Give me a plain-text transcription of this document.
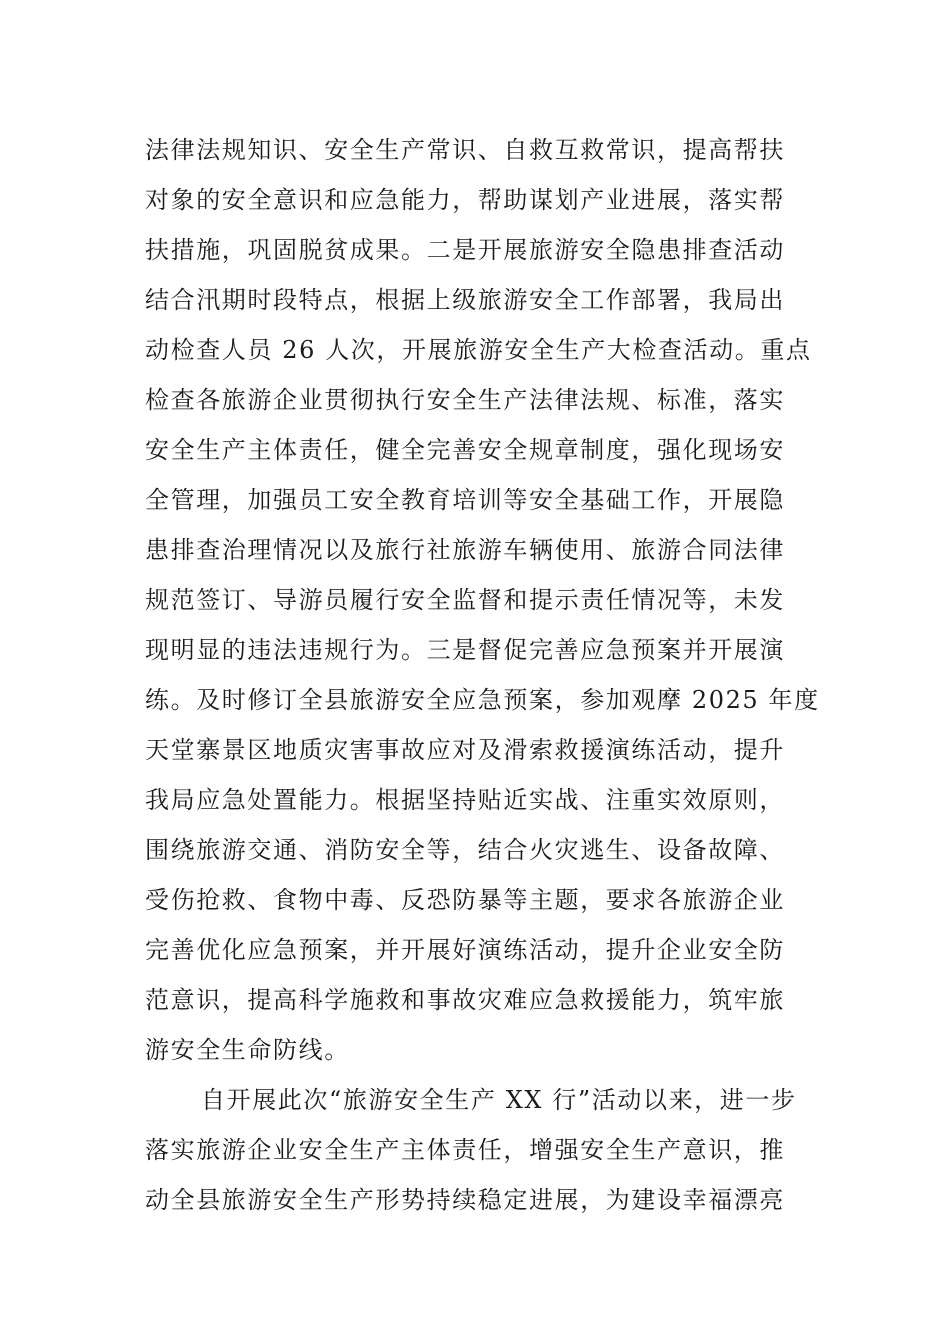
法律法规知识、安全生产常识、自救互救常识，提高帮扶
对象的安全意识和应急能力，帮助谋划产业进展，落实帮
扶措施，巩固脱贫成果。二是开展旅游安全隐患排查活动
结合汛期时段特点，根据上级旅游安全工作部署，我局出
动检查人员 26 人次，开展旅游安全生产大检查活动。重点
检查各旅游企业贯彻执行安全生产法律法规、标准，落实
安全生产主体责任，健全完善安全规章制度，强化现场安
全管理，加强员工安全教育培训等安全基础工作，开展隐
患排查治理情况以及旅行社旅游车辆使用、旅游合同法律
规范签订、导游员履行安全监督和提示责任情况等，未发
现明显的违法违规行为。三是督促完善应急预案并开展演
练。及时修订全县旅游安全应急预案，参加观摩 2025 年度
天堂寨景区地质灾害事故应对及滑索救援演练活动，提升
我局应急处置能力。根据坚持贴近实战、注重实效原则，
围绕旅游交通、消防安全等，结合火灾逃生、设备故障、
受伤抢救、食物中毒、反恐防暴等主题，要求各旅游企业
完善优化应急预案，并开展好演练活动，提升企业安全防
范意识，提高科学施救和事故灾难应急救援能力，筑牢旅
游安全生命防线。
自开展此次“旅游安全生产 XX 行”活动以来，进一步
落实旅游企业安全生产主体责任，增强安全生产意识，推
动全县旅游安全生产形势持续稳定进展，为建设幸福漂亮
